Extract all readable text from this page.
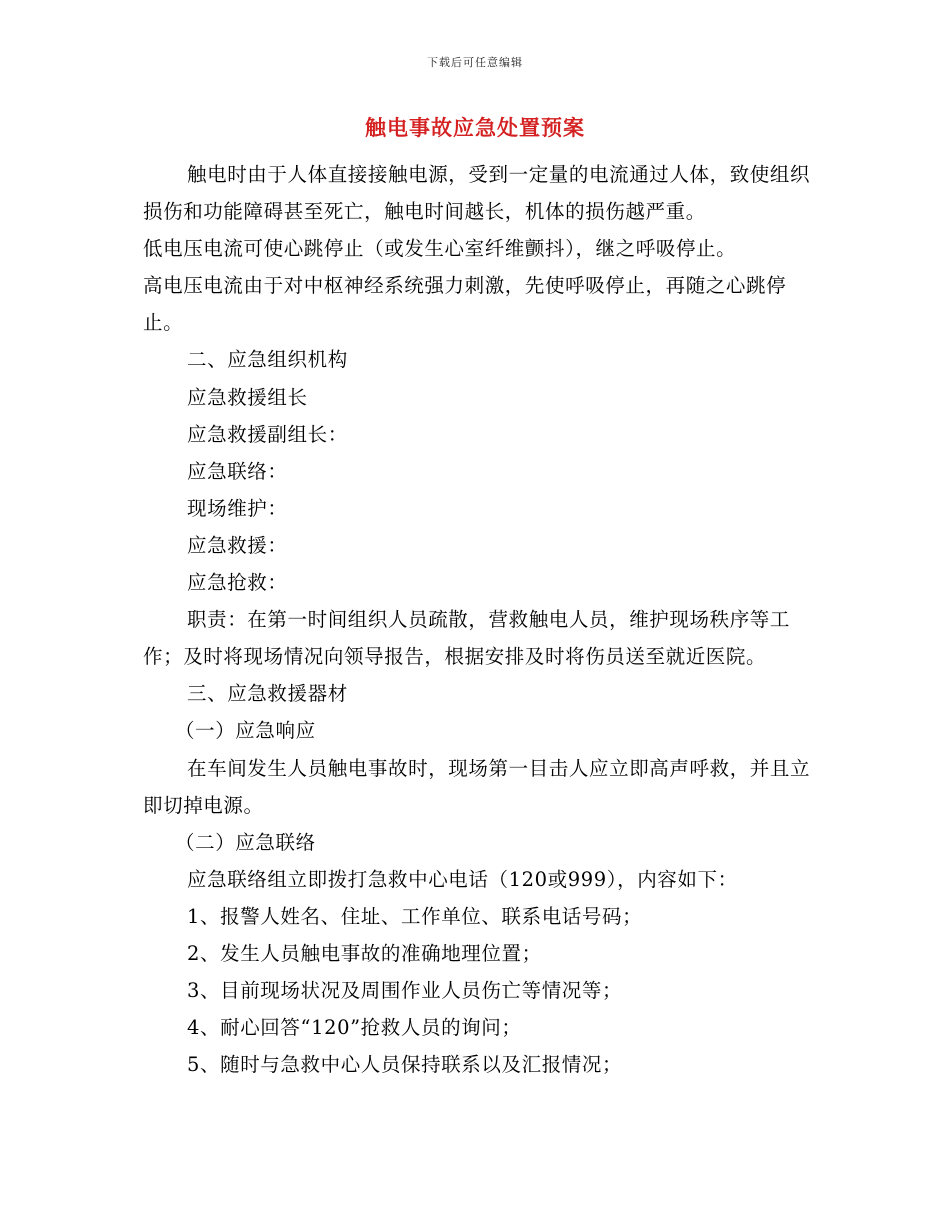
下载后可任意编辑
触电事故应急处置预案

触电时由于人体直接接触电源，受到一定量的电流通过人体，致使组织损伤和功能障碍甚至死亡，触电时间越长，机体的损伤越严重。

低电压电流可使心跳停止（或发生心室纤维颤抖），继之呼吸停止。

高电压电流由于对中枢神经系统强力刺激，先使呼吸停止，再随之心跳停止。

二、应急组织机构

应急救援组长

应急救援副组长：

应急联络：

现场维护：

应急救援：

应急抢救：

职责：在第一时间组织人员疏散，营救触电人员，维护现场秩序等工作；及时将现场情况向领导报告，根据安排及时将伤员送至就近医院。

三、应急救援器材

（一）应急响应

在车间发生人员触电事故时，现场第一目击人应立即高声呼救，并且立即切掉电源。

（二）应急联络

应急联络组立即拨打急救中心电话（120或999），内容如下：

1、报警人姓名、住址、工作单位、联系电话号码；

2、发生人员触电事故的准确地理位置；

3、目前现场状况及周围作业人员伤亡等情况等；

4、耐心回答“120”抢救人员的询问；

5、随时与急救中心人员保持联系以及汇报情况；
